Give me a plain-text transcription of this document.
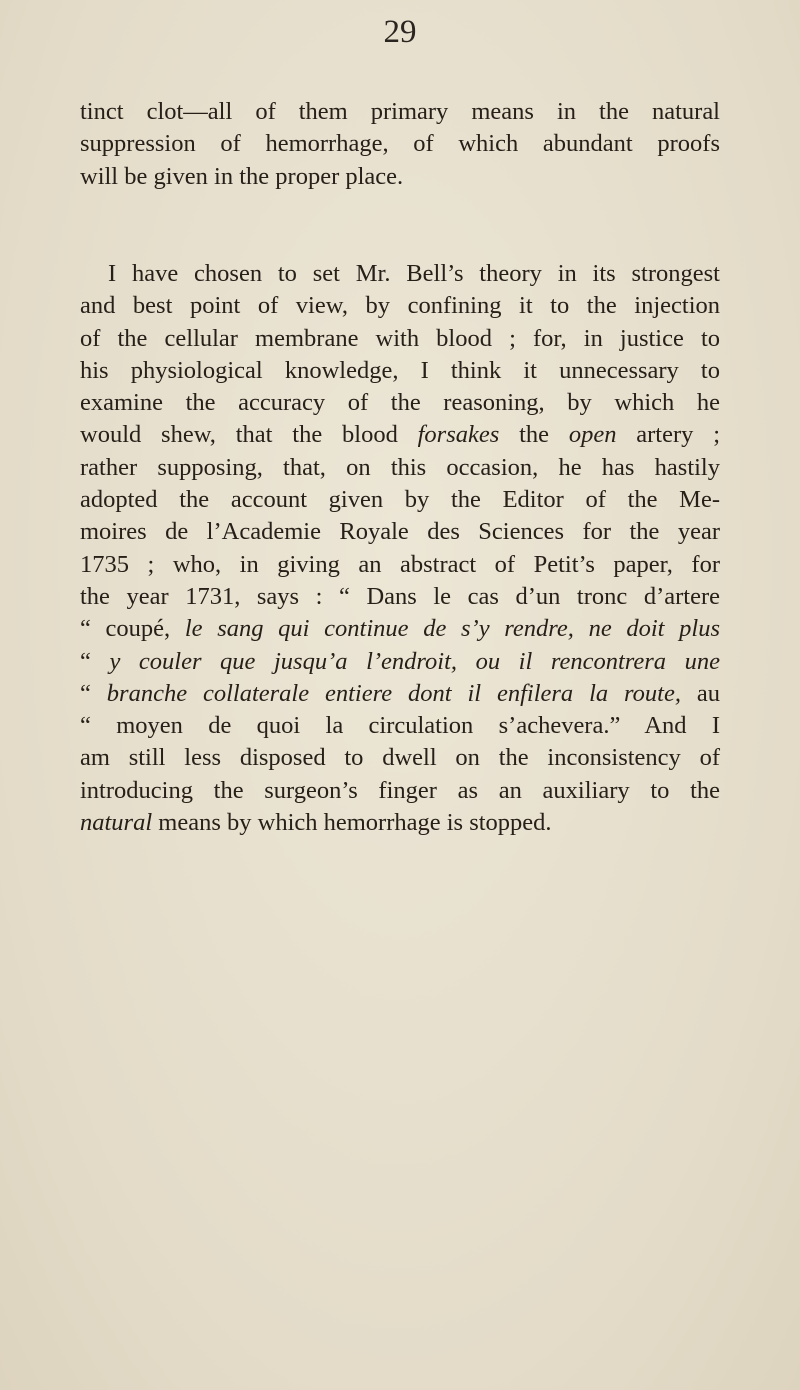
29
tinct clot—all of them primary means in the natural
suppression of hemorrhage, of which abundant proofs
will be given in the proper place.
I have chosen to set Mr. Bell’s theory in its strongest
and best point of view, by confining it to the injection
of the cellular membrane with blood ; for, in justice to
his physiological knowledge, I think it unnecessary to
examine the accuracy of the reasoning, by which he
would shew, that the blood forsakes the open artery ;
rather supposing, that, on this occasion, he has hastily
adopted the account given by the Editor of the Me-
moires de l’Academie Royale des Sciences for the year
1735 ; who, in giving an abstract of Petit’s paper, for
the year 1731, says : “ Dans le cas d’un tronc d’artere
“ coupé, le sang qui continue de s’y rendre, ne doit plus
“ y couler que jusqu’a l’endroit, ou il rencontrera une
“ branche collaterale entiere dont il enfilera la route, au
“ moyen de quoi la circulation s’achevera.” And I
am still less disposed to dwell on the inconsistency of
introducing the surgeon’s finger as an auxiliary to the
natural means by which hemorrhage is stopped.
